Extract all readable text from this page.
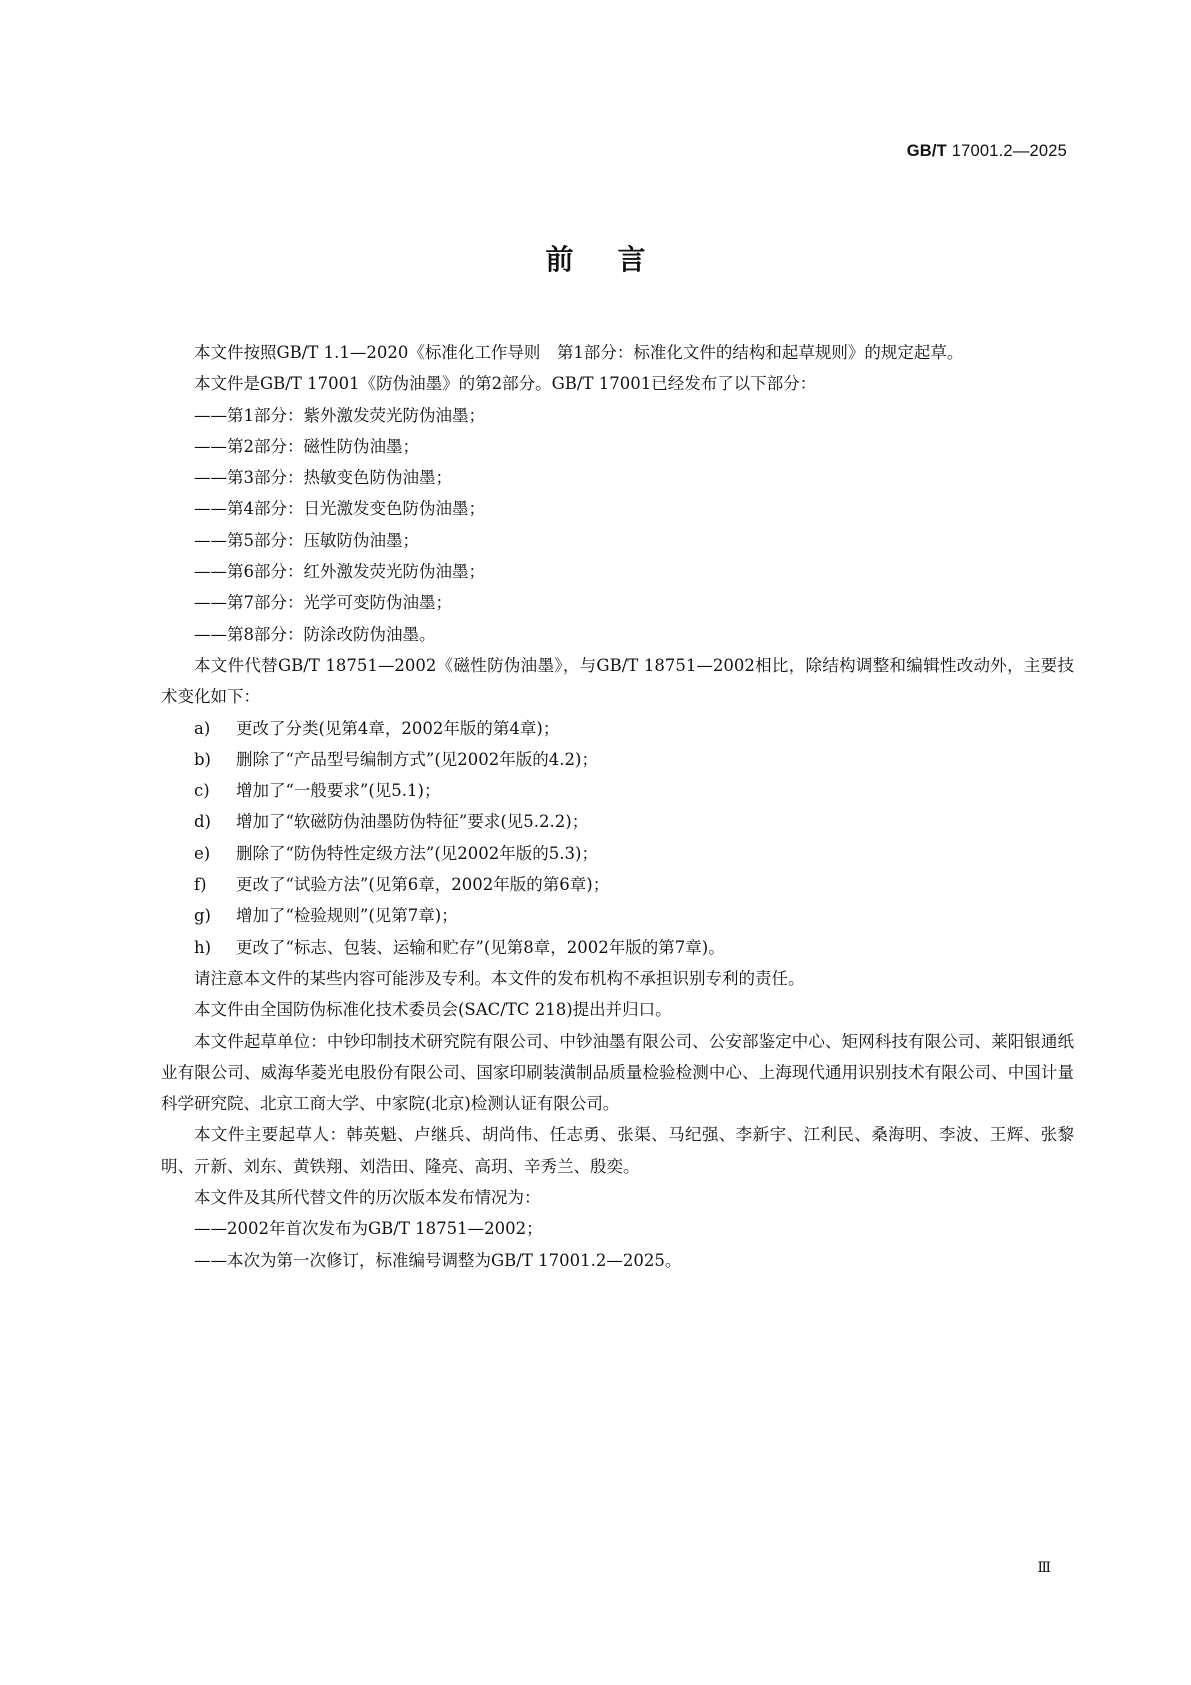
GB/T 17001.2—2025
前言

本文件按照GB/T 1.1—2020《标准化工作导则　第1部分：标准化文件的结构和起草规则》的规定起草。

本文件是GB/T 17001《防伪油墨》的第2部分。GB/T 17001已经发布了以下部分：

——第1部分：紫外激发荧光防伪油墨；

——第2部分：磁性防伪油墨；

——第3部分：热敏变色防伪油墨；

——第4部分：日光激发变色防伪油墨；

——第5部分：压敏防伪油墨；

——第6部分：红外激发荧光防伪油墨；

——第7部分：光学可变防伪油墨；

——第8部分：防涂改防伪油墨。

本文件代替GB/T 18751—2002《磁性防伪油墨》，与GB/T 18751—2002相比，除结构调整和编辑性改动外，主要技术变化如下：

a) 更改了分类(见第4章，2002年版的第4章)；

b) 删除了“产品型号编制方式”(见2002年版的4.2)；

c) 增加了“一般要求”(见5.1)；

d) 增加了“软磁防伪油墨防伪特征”要求(见5.2.2)；

e) 删除了“防伪特性定级方法”(见2002年版的5.3)；

f) 更改了“试验方法”(见第6章，2002年版的第6章)；

g) 增加了“检验规则”(见第7章)；

h) 更改了“标志、包装、运输和贮存”(见第8章，2002年版的第7章)。

请注意本文件的某些内容可能涉及专利。本文件的发布机构不承担识别专利的责任。

本文件由全国防伪标准化技术委员会(SAC/TC 218)提出并归口。

本文件起草单位：中钞印制技术研究院有限公司、中钞油墨有限公司、公安部鉴定中心、矩网科技有限公司、莱阳银通纸业有限公司、威海华菱光电股份有限公司、国家印刷装潢制品质量检验检测中心、上海现代通用识别技术有限公司、中国计量科学研究院、北京工商大学、中家院(北京)检测认证有限公司。

本文件主要起草人：韩英魁、卢继兵、胡尚伟、任志勇、张渠、马纪强、李新宇、江利民、桑海明、李波、王辉、张黎明、亓新、刘东、黄铁翔、刘浩田、隆亮、高玥、辛秀兰、殷奕。

本文件及其所代替文件的历次版本发布情况为：

——2002年首次发布为GB/T 18751—2002；

——本次为第一次修订，标准编号调整为GB/T 17001.2—2025。

Ⅲ
